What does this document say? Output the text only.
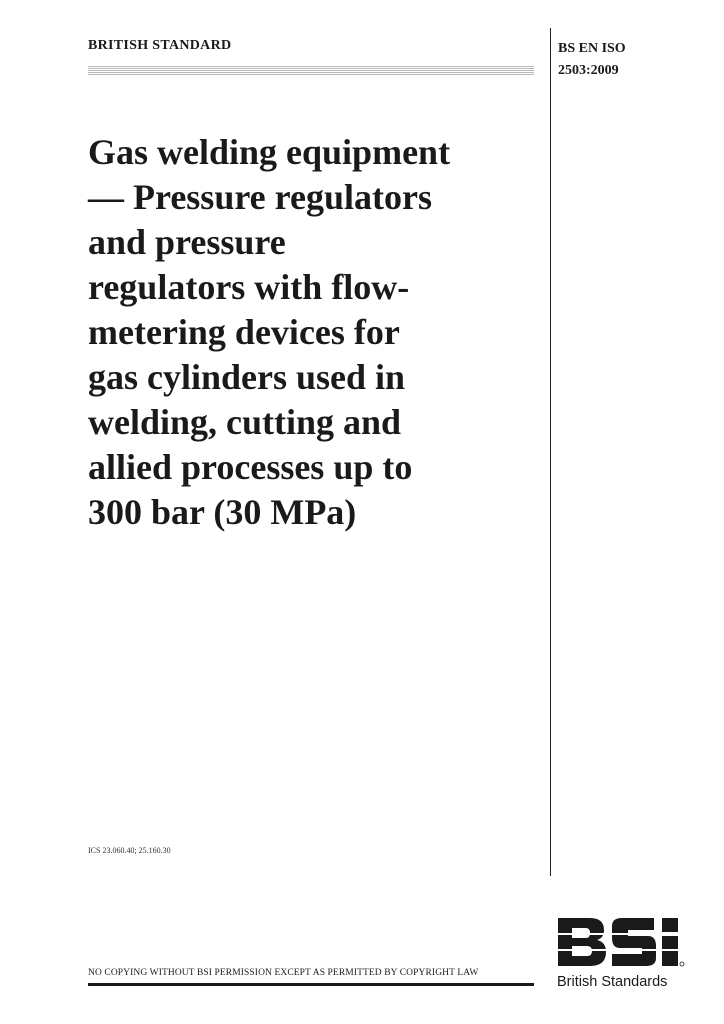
BRITISH STANDARD	BS EN ISO
2503:2009
Gas welding equipment
— Pressure regulators
and pressure
regulators with flow-
metering devices for
gas cylinders used in
welding, cutting and
allied processes up to
300 bar (30 MPa)
ICS 23.060.40; 25.160.30
NO COPYING WITHOUT BSI PERMISSION EXCEPT AS PERMITTED BY COPYRIGHT LAW
British Standards
